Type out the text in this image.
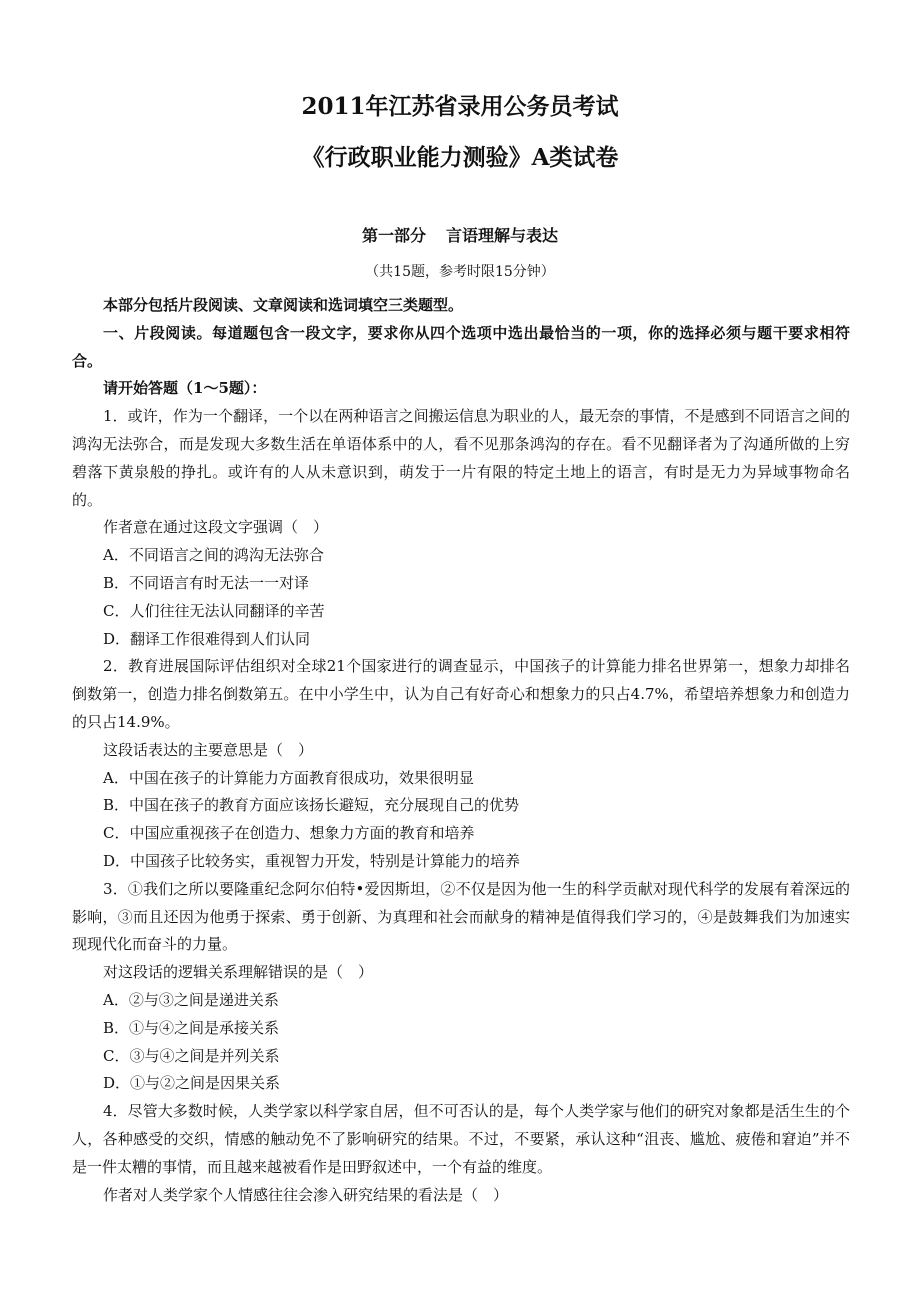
2011年江苏省录用公务员考试
《行政职业能力测验》A类试卷
第一部分 言语理解与表达
（共15题，参考时限15分钟）

本部分包括片段阅读、文章阅读和选词填空三类题型。

一、片段阅读。每道题包含一段文字，要求你从四个选项中选出最恰当的一项，你的选择必须与题干要求相符合。

请开始答题（1～5题）：

1．或许，作为一个翻译，一个以在两种语言之间搬运信息为职业的人，最无奈的事情，不是感到不同语言之间的鸿沟无法弥合，而是发现大多数生活在单语体系中的人，看不见那条鸿沟的存在。看不见翻译者为了沟通所做的上穷碧落下黄泉般的挣扎。或许有的人从未意识到，萌发于一片有限的特定土地上的语言，有时是无力为异域事物命名的。

作者意在通过这段文字强调（　）

A．不同语言之间的鸿沟无法弥合

B．不同语言有时无法一一对译

C．人们往往无法认同翻译的辛苦

D．翻译工作很难得到人们认同

2．教育进展国际评估组织对全球21个国家进行的调查显示，中国孩子的计算能力排名世界第一，想象力却排名倒数第一，创造力排名倒数第五。在中小学生中，认为自己有好奇心和想象力的只占4.7%，希望培养想象力和创造力的只占14.9%。

这段话表达的主要意思是（　）

A．中国在孩子的计算能力方面教育很成功，效果很明显

B．中国在孩子的教育方面应该扬长避短，充分展现自己的优势

C．中国应重视孩子在创造力、想象力方面的教育和培养

D．中国孩子比较务实，重视智力开发，特别是计算能力的培养

3．①我们之所以要隆重纪念阿尔伯特•爱因斯坦，②不仅是因为他一生的科学贡献对现代科学的发展有着深远的影响，③而且还因为他勇于探索、勇于创新、为真理和社会而献身的精神是值得我们学习的，④是鼓舞我们为加速实现现代化而奋斗的力量。

对这段话的逻辑关系理解错误的是（　）

A．②与③之间是递进关系

B．①与④之间是承接关系

C．③与④之间是并列关系

D．①与②之间是因果关系

4．尽管大多数时候，人类学家以科学家自居，但不可否认的是，每个人类学家与他们的研究对象都是活生生的个人，各种感受的交织，情感的触动免不了影响研究的结果。不过，不要紧，承认这种“沮丧、尴尬、疲倦和窘迫”并不是一件太糟的事情，而且越来越被看作是田野叙述中，一个有益的维度。

作者对人类学家个人情感往往会渗入研究结果的看法是（　）
